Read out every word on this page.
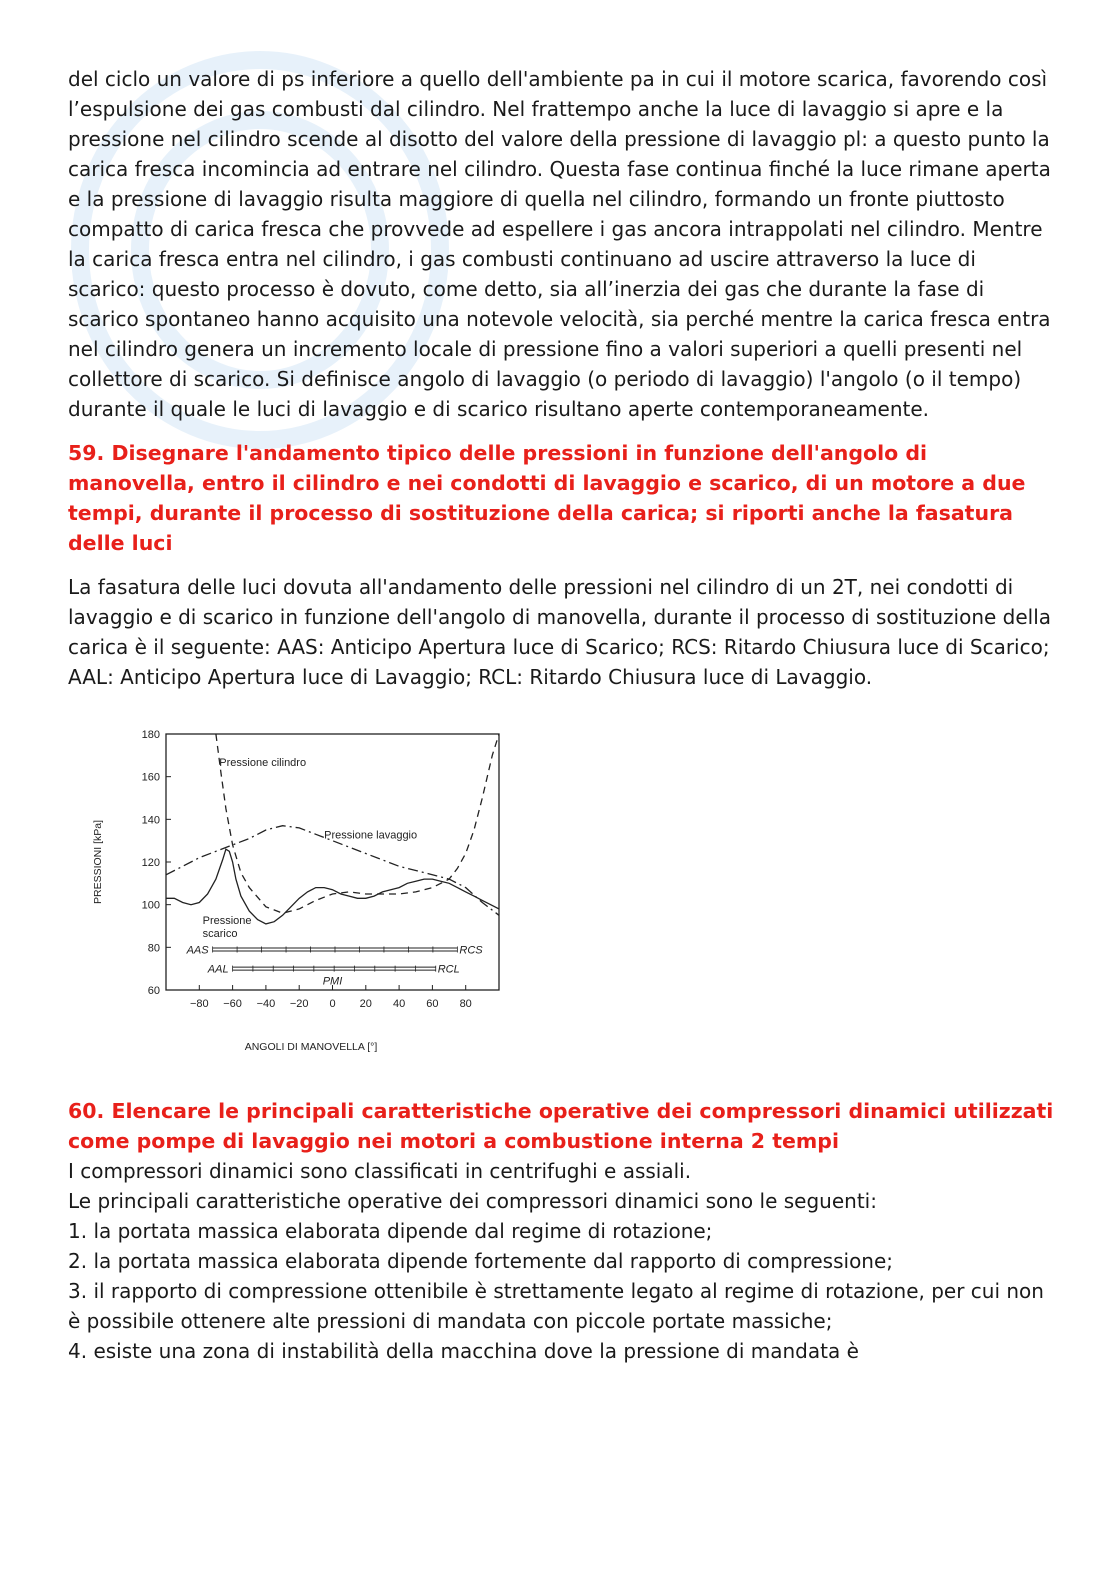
del ciclo un valore di ps inferiore a quello dell'ambiente pa in cui il motore scarica, favorendo così l’espulsione dei gas combusti dal cilindro. Nel frattempo anche la luce di lavaggio si apre e la pressione nel cilindro scende al disotto del valore della pressione di lavaggio pl: a questo punto la carica fresca incomincia ad entrare nel cilindro. Questa fase continua finché la luce rimane aperta e la pressione di lavaggio risulta maggiore di quella nel cilindro, formando un fronte piuttosto compatto di carica fresca che provvede ad espellere i gas ancora intrappolati nel cilindro. Mentre la carica fresca entra nel cilindro, i gas combusti continuano ad uscire attraverso la luce di scarico: questo processo è dovuto, come detto, sia all’inerzia dei gas che durante la fase di scarico spontaneo hanno acquisito una notevole velocità, sia perché mentre la carica fresca entra nel cilindro genera un incremento locale di pressione fino a valori superiori a quelli presenti nel collettore di scarico. Si definisce angolo di lavaggio (o periodo di lavaggio) l'angolo (o il tempo) durante il quale le luci di lavaggio e di scarico risultano aperte contemporaneamente.

59. Disegnare l'andamento tipico delle pressioni in funzione dell'angolo di manovella, entro il cilindro e nei condotti di lavaggio e scarico, di un motore a due tempi, durante il processo di sostituzione della carica; si riporti anche la fasatura delle luci

La fasatura delle luci dovuta all'andamento delle pressioni nel cilindro di un 2T, nei condotti di lavaggio e di scarico in funzione dell'angolo di manovella, durante il processo di sostituzione della carica è il seguente: AAS: Anticipo Apertura luce di Scarico; RCS: Ritardo Chiusura luce di Scarico; AAL: Anticipo Apertura luce di Lavaggio; RCL: Ritardo Chiusura luce di Lavaggio.

60
80
100
120
140
160
180
−80 −60 −40 −20 0 20 40 60 80
ANGOLI DI MANOVELLA [°]
PRESSIONI [kPa]
Pressione cilindro
Pressione lavaggio
Pressione
scarico
AAS	RCS
AAL	RCL
PMI
60. Elencare le principali caratteristiche operative dei compressori dinamici utilizzati come pompe di lavaggio nei motori a combustione interna 2 tempi

I compressori dinamici sono classificati in centrifughi e assiali.

Le principali caratteristiche operative dei compressori dinamici sono le seguenti:

1. la portata massica elaborata dipende dal regime di rotazione;

2. la portata massica elaborata dipende fortemente dal rapporto di compressione;

3. il rapporto di compressione ottenibile è strettamente legato al regime di rotazione, per cui non è possibile ottenere alte pressioni di mandata con piccole portate massiche;

4. esiste una zona di instabilità della macchina dove la pressione di mandata è
